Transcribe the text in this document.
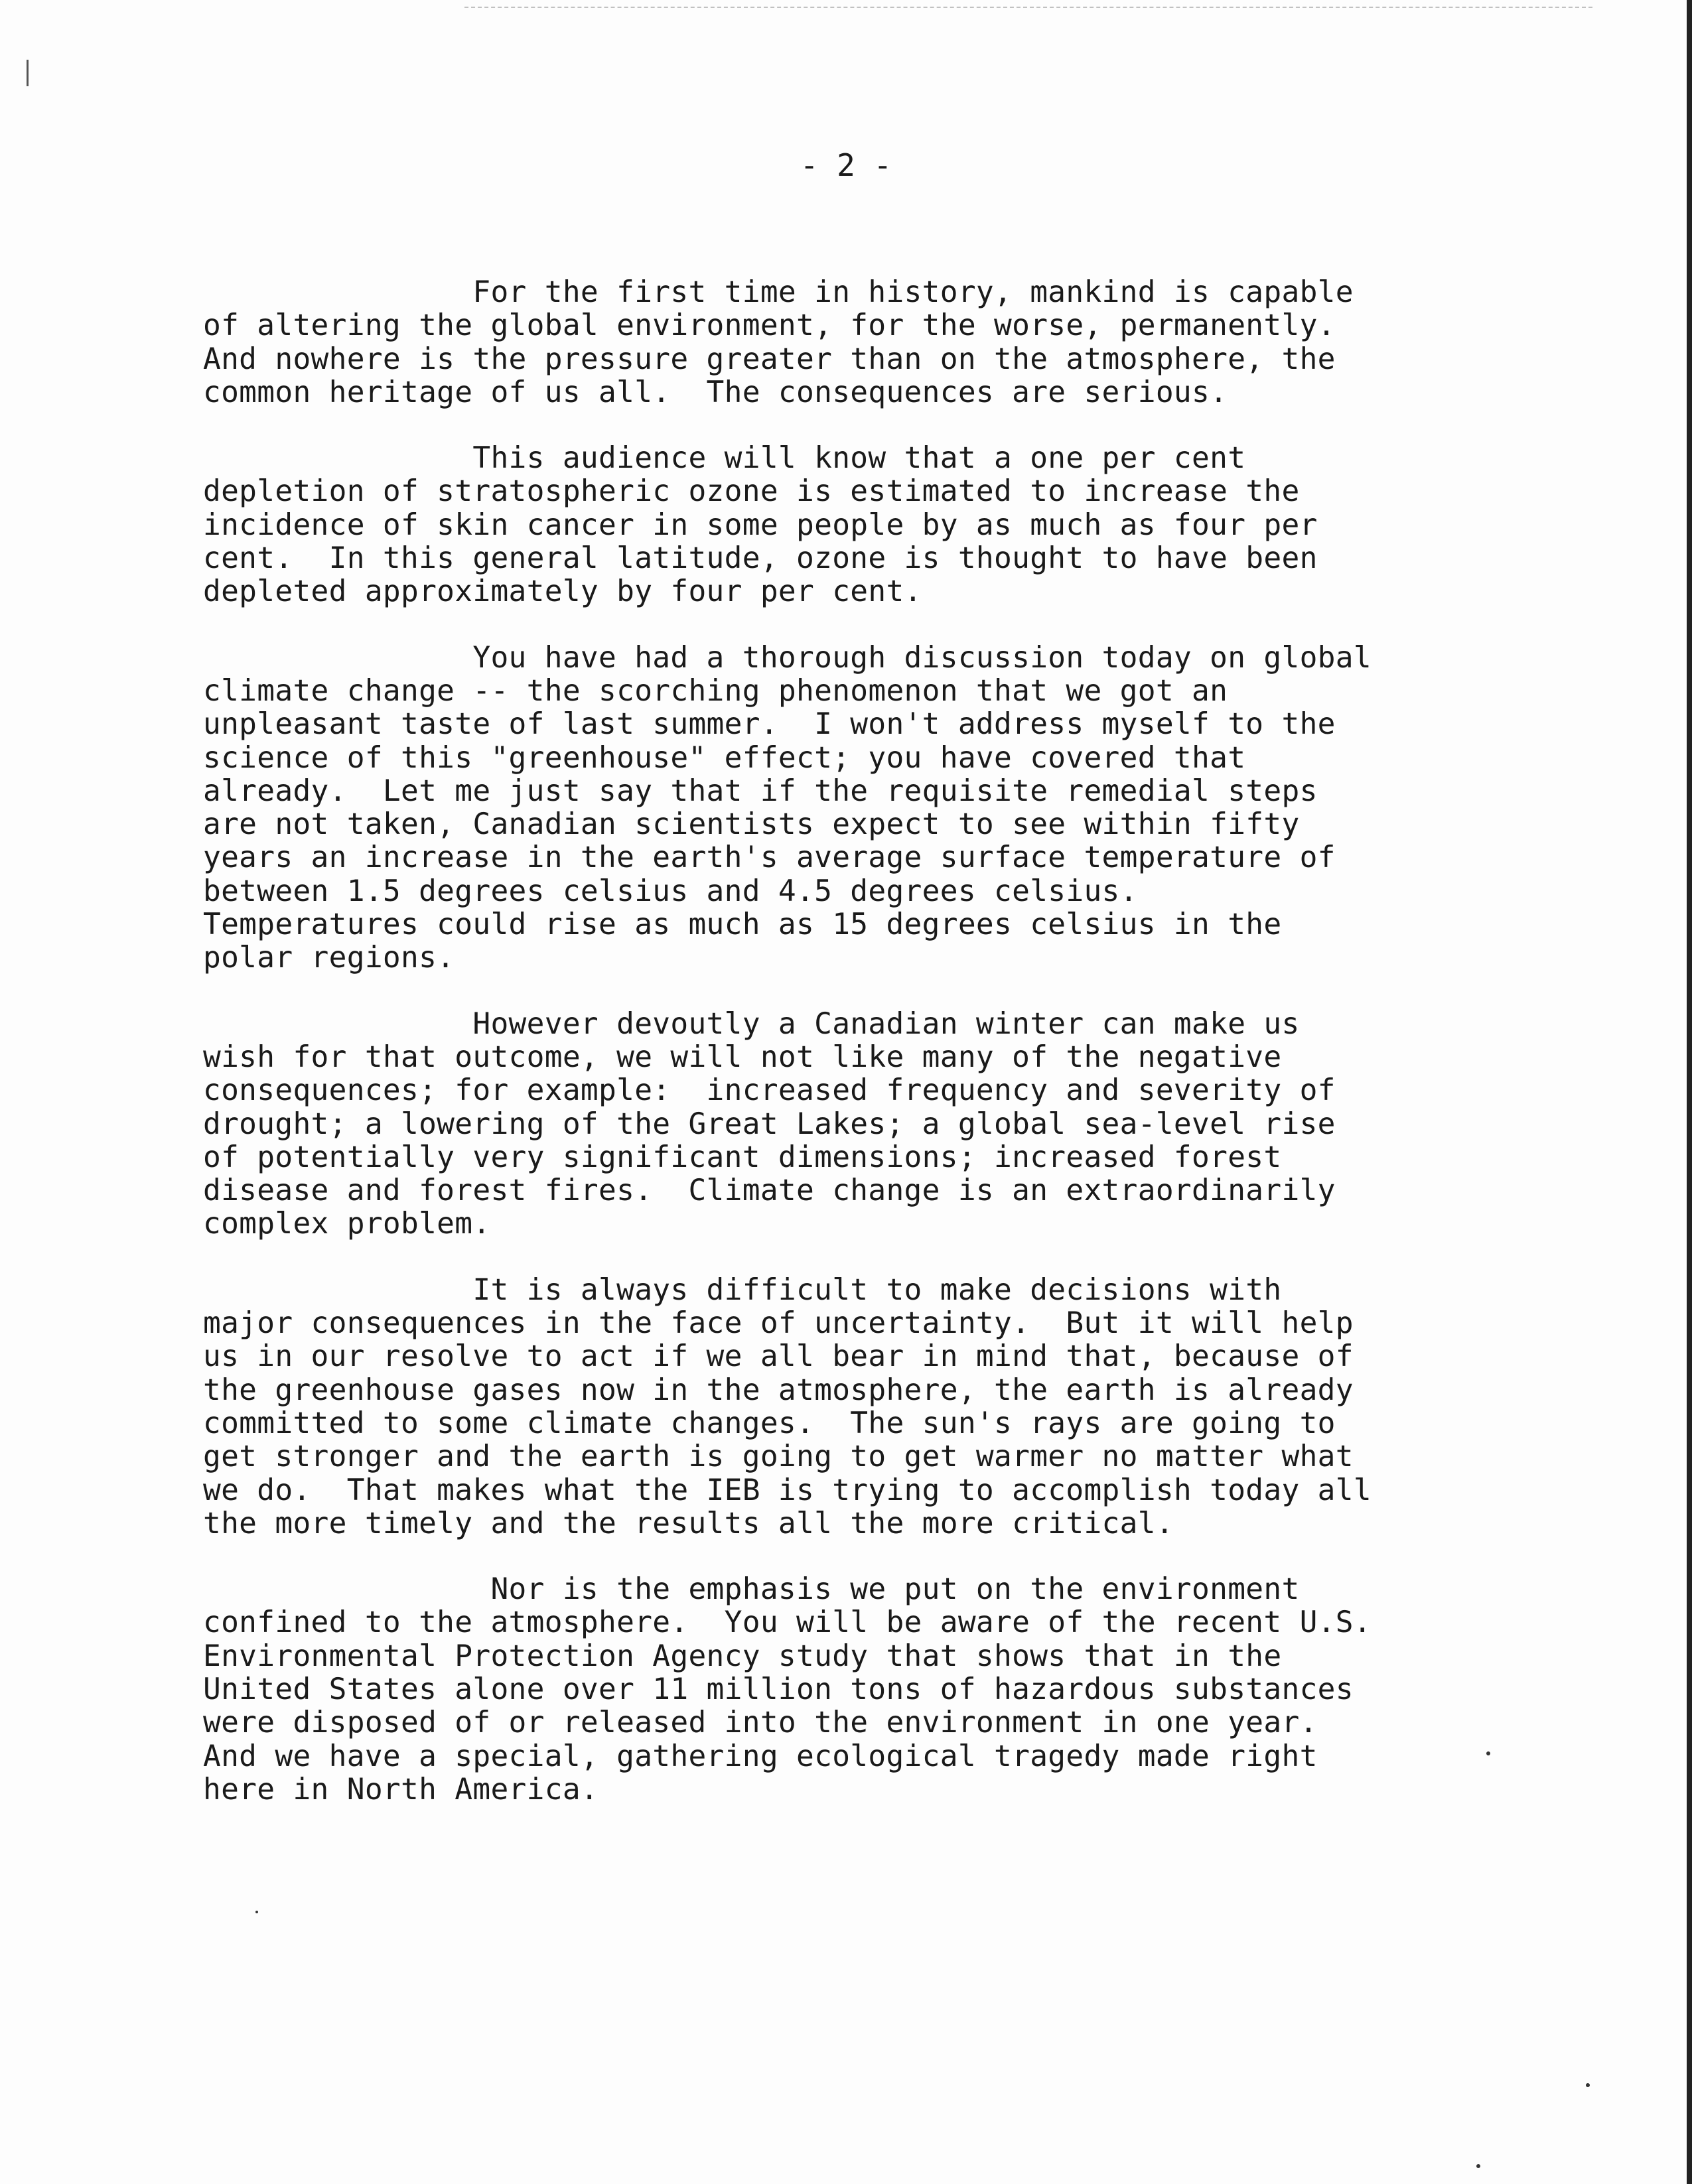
- 2 -

For the first time in history, mankind is capable
of altering the global environment, for the worse, permanently.
And nowhere is the pressure greater than on the atmosphere, the
common heritage of us all.  The consequences are serious.

This audience will know that a one per cent
depletion of stratospheric ozone is estimated to increase the
incidence of skin cancer in some people by as much as four per
cent.  In this general latitude, ozone is thought to have been
depleted approximately by four per cent.

You have had a thorough discussion today on global
climate change -- the scorching phenomenon that we got an
unpleasant taste of last summer.  I won't address myself to the
science of this "greenhouse" effect; you have covered that
already.  Let me just say that if the requisite remedial steps
are not taken, Canadian scientists expect to see within fifty
years an increase in the earth's average surface temperature of
between 1.5 degrees celsius and 4.5 degrees celsius.
Temperatures could rise as much as 15 degrees celsius in the
polar regions.

However devoutly a Canadian winter can make us
wish for that outcome, we will not like many of the negative
consequences; for example:  increased frequency and severity of
drought; a lowering of the Great Lakes; a global sea-level rise
of potentially very significant dimensions; increased forest
disease and forest fires.  Climate change is an extraordinarily
complex problem.

It is always difficult to make decisions with
major consequences in the face of uncertainty.  But it will help
us in our resolve to act if we all bear in mind that, because of
the greenhouse gases now in the atmosphere, the earth is already
committed to some climate changes.  The sun's rays are going to
get stronger and the earth is going to get warmer no matter what
we do.  That makes what the IEB is trying to accomplish today all
the more timely and the results all the more critical.

Nor is the emphasis we put on the environment
confined to the atmosphere.  You will be aware of the recent U.S.
Environmental Protection Agency study that shows that in the
United States alone over 11 million tons of hazardous substances
were disposed of or released into the environment in one year.
And we have a special, gathering ecological tragedy made right
here in North America.
